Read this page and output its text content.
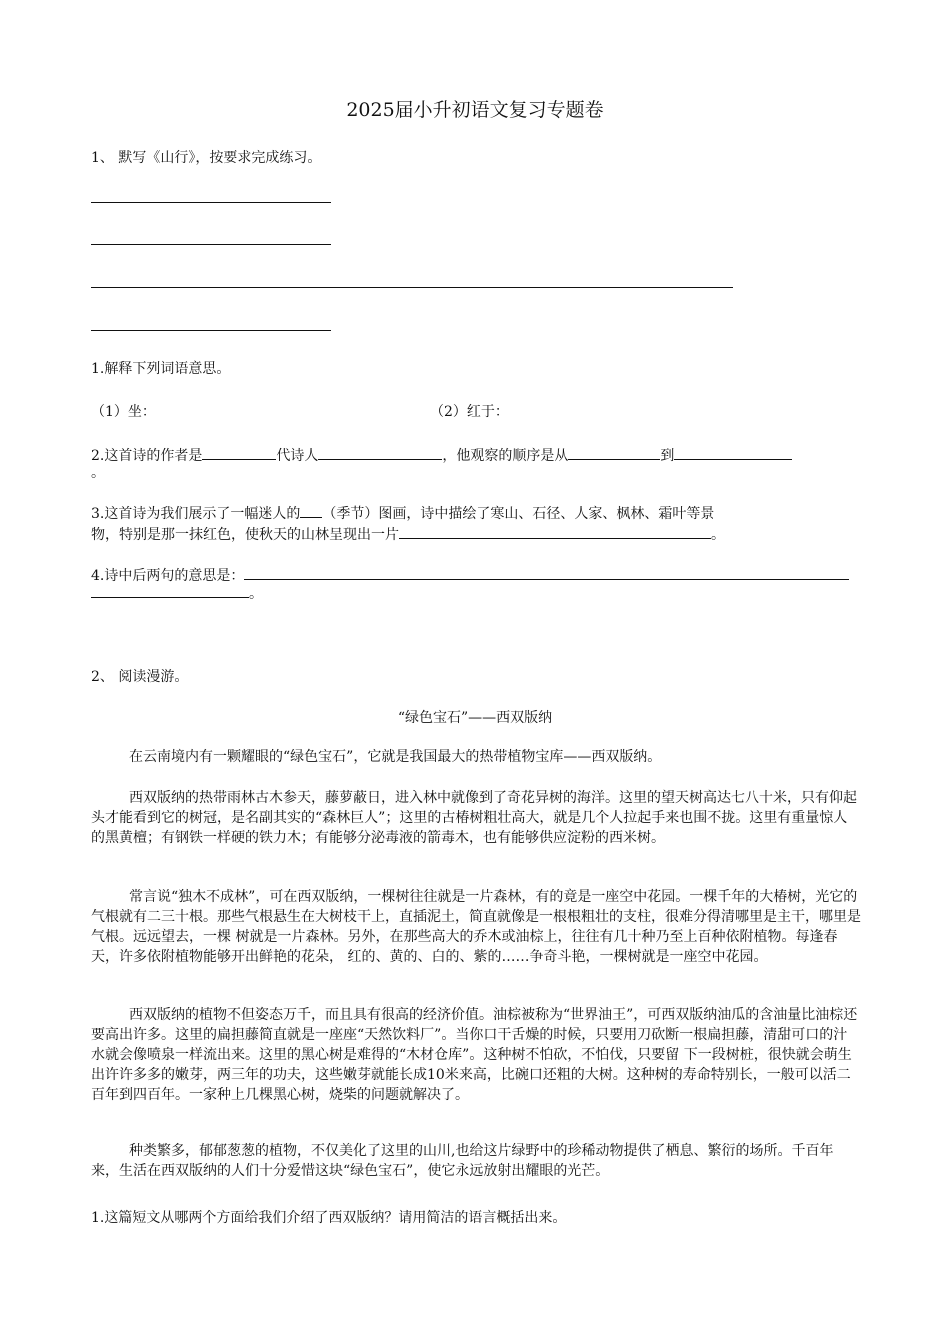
2025届小升初语文复习专题卷
1、 默写《山行》，按要求完成练习。
1.解释下列词语意思。
（1）坐：	（2）红于：
2.这首诗的作者是	代诗人	，他观察的顺序是从	到
。
3.这首诗为我们展示了一幅迷人的 （季节）图画，诗中描绘了寒山、石径、人家、枫林、霜叶等景
物，特别是那一抹红色，使秋天的山林呈现出一片	。
4.诗中后两句的意思是：
。
2、 阅读漫游。
“绿色宝石”——西双版纳
在云南境内有一颗耀眼的“绿色宝石”，它就是我国最大的热带植物宝库——西双版纳。
西双版纳的热带雨林古木参天，藤萝蔽日，进入林中就像到了奇花异树的海洋。这里的望天树高达七八十米，只有仰起头才能看到它的树冠，是名副其实的“森林巨人”；这里的古椿树粗壮高大，就是几个人拉起手来也围不拢。这里有重量惊人的黑黄檀；有钢铁一样硬的铁力木；有能够分泌毒液的箭毒木，也有能够供应淀粉的西米树。
常言说“独木不成林”，可在西双版纳，一棵树往往就是一片森林，有的竟是一座空中花园。一棵千年的大椿树，光它的气根就有二三十根。那些气根悬生在大树枝干上，直插泥土，简直就像是一根根粗壮的支柱，很难分得清哪里是主干，哪里是气根。远远望去，一棵 树就是一片森林。另外，在那些高大的乔木或油棕上，往往有几十种乃至上百种依附植物。每逢春天，许多依附植物能够开出鲜艳的花朵， 红的、黄的、白的、紫的……争奇斗艳，一棵树就是一座空中花园。
西双版纳的植物不但姿态万千，而且具有很高的经济价值。油棕被称为“世界油王”，可西双版纳油瓜的含油量比油棕还要高出许多。这里的扁担藤简直就是一座座“天然饮料厂”。当你口干舌燥的时候，只要用刀砍断一根扁担藤，清甜可口的汁水就会像喷泉一样流出来。这里的黑心树是难得的“木材仓库”。这种树不怕砍，不怕伐，只要留 下一段树桩，很快就会萌生出许许多多的嫩芽，两三年的功夫，这些嫩芽就能长成10米来高，比碗口还粗的大树。这种树的寿命特别长，一般可以活二百年到四百年。一家种上几棵黑心树，烧柴的问题就解决了。
种类繁多，郁郁葱葱的植物，不仅美化了这里的山川,也给这片绿野中的珍稀动物提供了栖息、繁衍的场所。千百年来，生活在西双版纳的人们十分爱惜这块“绿色宝石”，使它永远放射出耀眼的光芒。
1.这篇短文从哪两个方面给我们介绍了西双版纳？请用简洁的语言概括出来。
